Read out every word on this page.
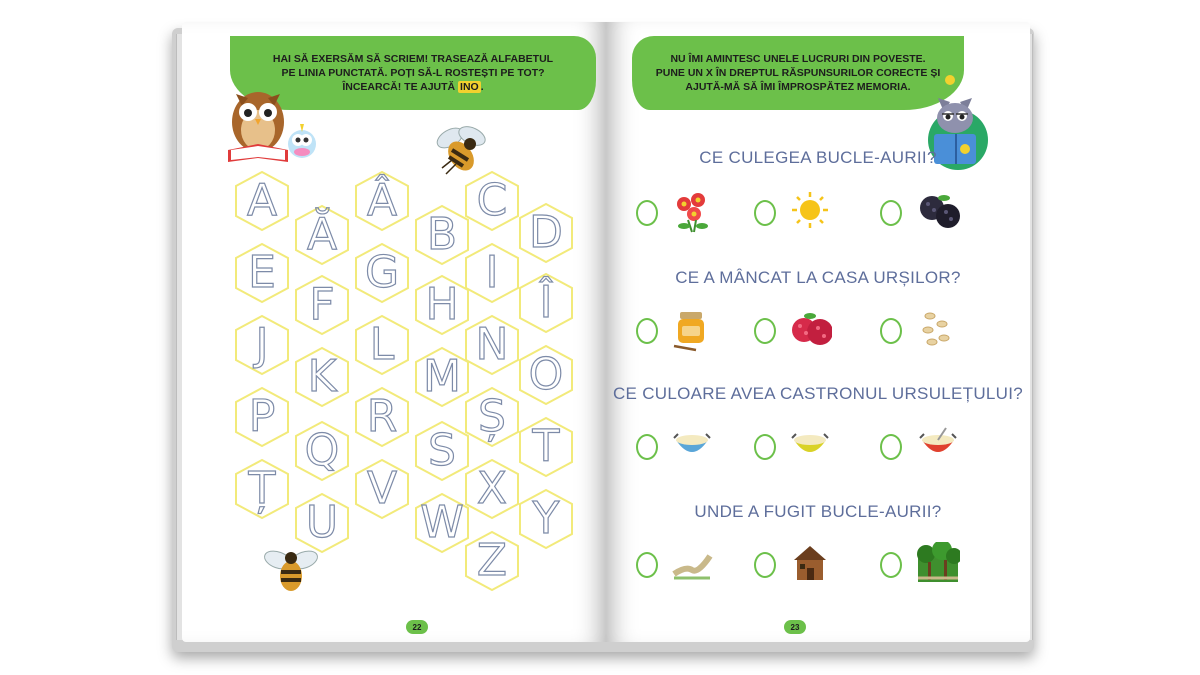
HAI SĂ EXERSĂM SĂ SCRIEM! TRASEAZĂ ALFABETUL
PE LINIA PUNCTATĂ. POȚI SĂ-L ROSTEȘTI PE TOT?
ÎNCEARCĂ! TE AJUTĂ INO .
A
Ă
Â
B
C
D
E
F
G
H
I
Î
J
K
L
M
N
O
P
Q
R
S
Ș
T
Ț
U
V
W
X
Y
Z
22
NU ÎMI AMINTESC UNELE LUCRURI DIN POVESTE.
PUNE UN X ÎN DREPTUL RĂSPUNSURILOR CORECTE ȘI
AJUTĂ-MĂ SĂ ÎMI ÎMPROSPĂTEZ MEMORIA.
CE CULEGEA BUCLE-AURII?
CE A MÂNCAT LA CASA URȘILOR?
CE CULOARE AVEA CASTRONUL URSULEȚULUI?
UNDE A FUGIT BUCLE-AURII?
23
